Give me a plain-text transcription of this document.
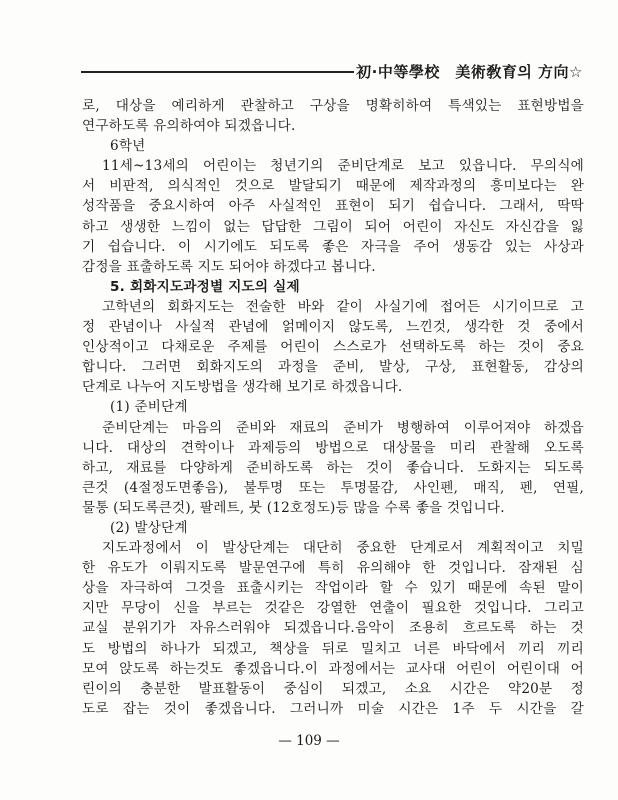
初·中等學校　美術敎育의 方向☆
로, 대상을 예리하게 관찰하고 구상을 명확히하여 특색있는 표현방법을
연구하도록 유의하여야 되겠읍니다.
6학년
11세~13세의 어린이는 청년기의 준비단계로 보고 있읍니다. 무의식에
서 비판적, 의식적인 것으로 발달되기 때문에 제작과정의 흥미보다는 완
성작품을 중요시하여 아주 사실적인 표현이 되기 쉽습니다. 그래서, 딱딱
하고 생생한 느낌이 없는 답답한 그림이 되어 어린이 자신도 자신감을 잃
기 쉽습니다. 이 시기에도 되도록 좋은 자극을 주어 생동감 있는 사상과
감정을 표출하도록 지도 되어야 하겠다고 봅니다.
5. 회화지도과정별 지도의 실제
고학년의 회화지도는 전술한 바와 같이 사실기에 접어든 시기이므로 고
정 관념이나 사실적 관념에 얽메이지 않도록, 느낀것, 생각한 것 중에서
인상적이고 다채로운 주제를 어린이 스스로가 선택하도록 하는 것이 중요
합니다. 그러면 회화지도의 과정을 준비, 발상, 구상, 표현활동, 감상의
단계로 나누어 지도방법을 생각해 보기로 하겠읍니다.
(1) 준비단계
준비단계는 마음의 준비와 재료의 준비가 병행하여 이루어져야 하겠읍
니다. 대상의 견학이나 과제등의 방법으로 대상물을 미리 관찰해 오도록
하고, 재료를 다양하게 준비하도록 하는 것이 좋습니다. 도화지는 되도록
큰것 (4절정도면좋음), 불투명 또는 투명물감, 사인펜, 매직, 펜, 연필,
물통 (되도록큰것), 팔레트, 붓 (12호정도)등 많을 수록 좋을 것입니다.
(2) 발상단계
지도과정에서 이 발상단계는 대단히 중요한 단계로서 계획적이고 치밀
한 유도가 이뤄지도록 발문연구에 특히 유의해야 한 것입니다. 잠재된 심
상을 자극하여 그것을 표출시키는 작업이라 할 수 있기 때문에 속된 말이
지만 무당이 신을 부르는 것같은 강열한 연출이 필요한 것입니다. 그리고
교실 분위기가 자유스러워야 되겠읍니다.음악이 조용히 흐르도록 하는 것
도 방법의 하나가 되겠고, 책상을 뒤로 밀치고 너른 바닥에서 끼리 끼리
모여 앉도록 하는것도 좋겠읍니다.이 과정에서는 교사대 어린이 어린이대 어
린이의 충분한 발표활동이 중심이 되겠고, 소요 시간은 약20분 정
도로 잡는 것이 좋겠읍니다. 그러니까 미술 시간은 1주 두 시간을 갈
— 109 —
